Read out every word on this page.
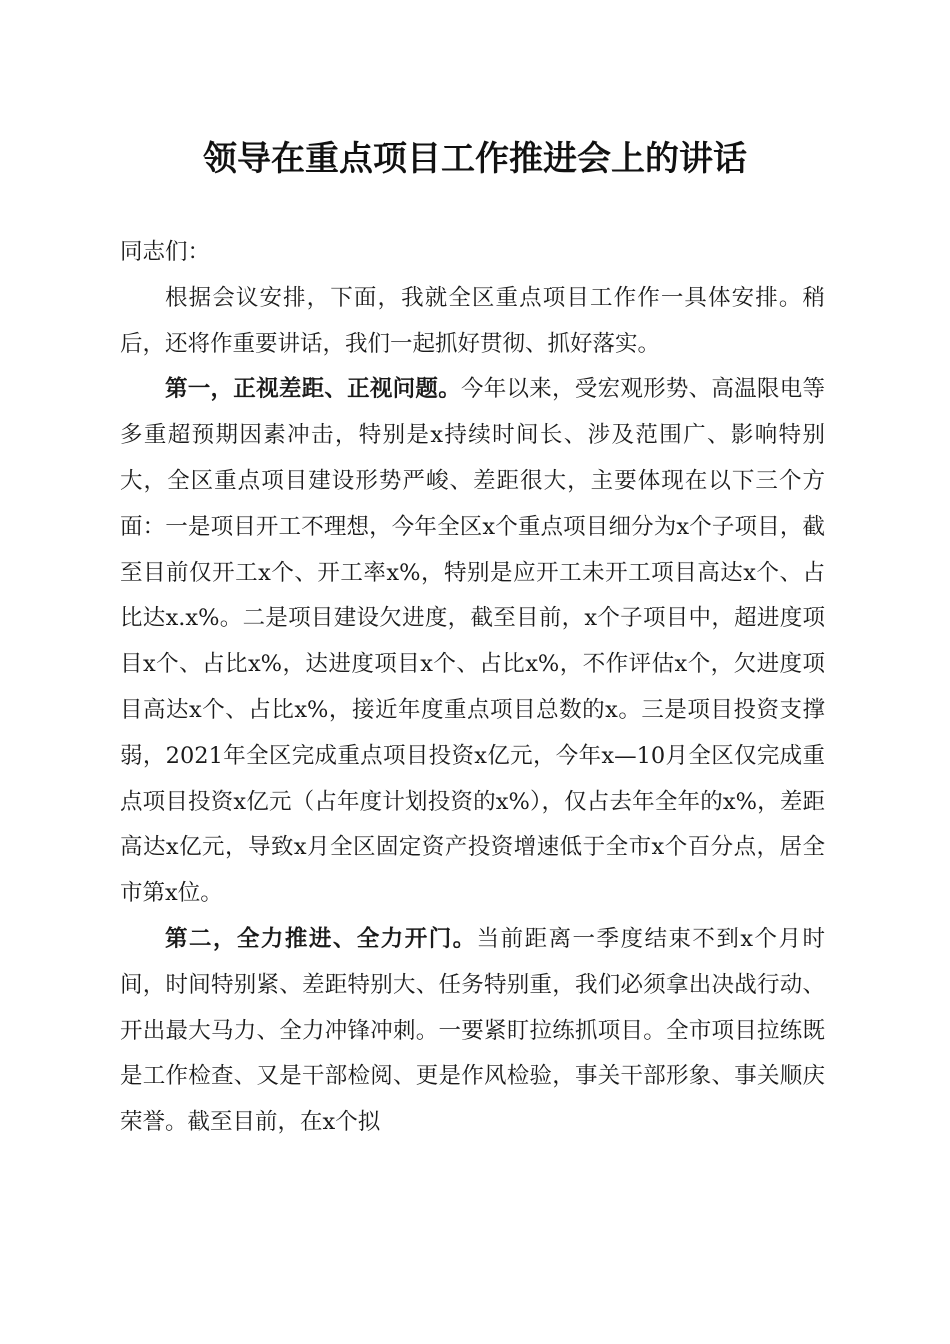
领导在重点项目工作推进会上的讲话

同志们：

根据会议安排，下面，我就全区重点项目工作作一具体安排。稍后，还将作重要讲话，我们一起抓好贯彻、抓好落实。

第一，正视差距、正视问题。今年以来，受宏观形势、高温限电等多重超预期因素冲击，特别是x持续时间长、涉及范围广、影响特别大，全区重点项目建设形势严峻、差距很大，主要体现在以下三个方面：一是项目开工不理想，今年全区x个重点项目细分为x个子项目，截至目前仅开工x个、开工率x%，特别是应开工未开工项目高达x个、占比达x.x%。二是项目建设欠进度，截至目前，x个子项目中，超进度项目x个、占比x%，达进度项目x个、占比x%，不作评估x个，欠进度项目高达x个、占比x%，接近年度重点项目总数的x。三是项目投资支撑弱，2021年全区完成重点项目投资x亿元，今年x—10月全区仅完成重点项目投资x亿元（占年度计划投资的x%），仅占去年全年的x%，差距高达x亿元，导致x月全区固定资产投资增速低于全市x个百分点，居全市第x位。

第二，全力推进、全力开门。当前距离一季度结束不到x个月时间，时间特别紧、差距特别大、任务特别重，我们必须拿出决战行动、开出最大马力、全力冲锋冲刺。一要紧盯拉练抓项目。全市项目拉练既是工作检查、又是干部检阅、更是作风检验，事关干部形象、事关顺庆荣誉。截至目前，在x个拟
